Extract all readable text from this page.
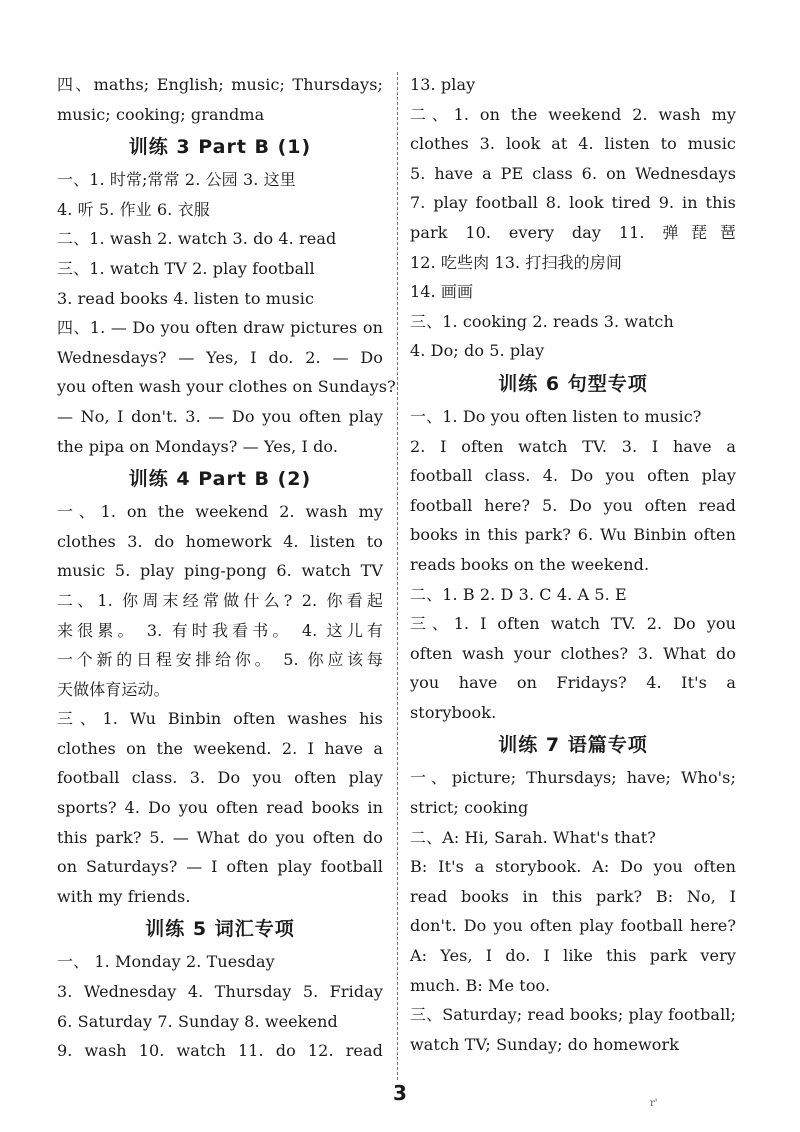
四、maths; English; music; Thursdays;
music; cooking; grandma
训练 3 Part B (1)
一、1. 时常;常常 2. 公园 3. 这里
4. 听 5. 作业 6. 衣服
二、1. wash 2. watch 3. do 4. read
三、1. watch TV 2. play football
3. read books 4. listen to music
四、1. — Do you often draw pictures on
Wednesdays? — Yes, I do. 2. — Do
you often wash your clothes on Sundays?
— No, I don't. 3. — Do you often play
the pipa on Mondays? — Yes, I do.
训练 4 Part B (2)
一、1. on the weekend 2. wash my
clothes 3. do homework 4. listen to
music 5. play ping-pong 6. watch TV
二、1. 你周末经常做什么? 2. 你看起
来很累。 3. 有时我看书。 4. 这儿有
一个新的日程安排给你。 5. 你应该每
天做体育运动。
三、1. Wu Binbin often washes his
clothes on the weekend. 2. I have a
football class. 3. Do you often play
sports? 4. Do you often read books in
this park? 5. — What do you often do
on Saturdays? — I often play football
with my friends.
训练 5 词汇专项
一、 1. Monday 2. Tuesday
3. Wednesday 4. Thursday 5. Friday
6. Saturday 7. Sunday 8. weekend
9. wash 10. watch 11. do 12. read
13. play
二、1. on the weekend 2. wash my
clothes 3. look at 4. listen to music
5. have a PE class 6. on Wednesdays
7. play football 8. look tired 9. in this
park 10. every day 11. 弹琵琶
12. 吃些肉 13. 打扫我的房间
14. 画画
三、1. cooking 2. reads 3. watch
4. Do; do 5. play
训练 6 句型专项
一、1. Do you often listen to music?
2. I often watch TV. 3. I have a
football class. 4. Do you often play
football here? 5. Do you often read
books in this park? 6. Wu Binbin often
reads books on the weekend.
二、1. B 2. D 3. C 4. A 5. E
三、1. I often watch TV. 2. Do you
often wash your clothes? 3. What do
you have on Fridays? 4. It's a
storybook.
训练 7 语篇专项
一、picture; Thursdays; have; Who's;
strict; cooking
二、A: Hi, Sarah. What's that?
B: It's a storybook. A: Do you often
read books in this park? B: No, I
don't. Do you often play football here?
A: Yes, I do. I like this park very
much. B: Me too.
三、Saturday; read books; play football;
watch TV; Sunday; do homework
3	r'
